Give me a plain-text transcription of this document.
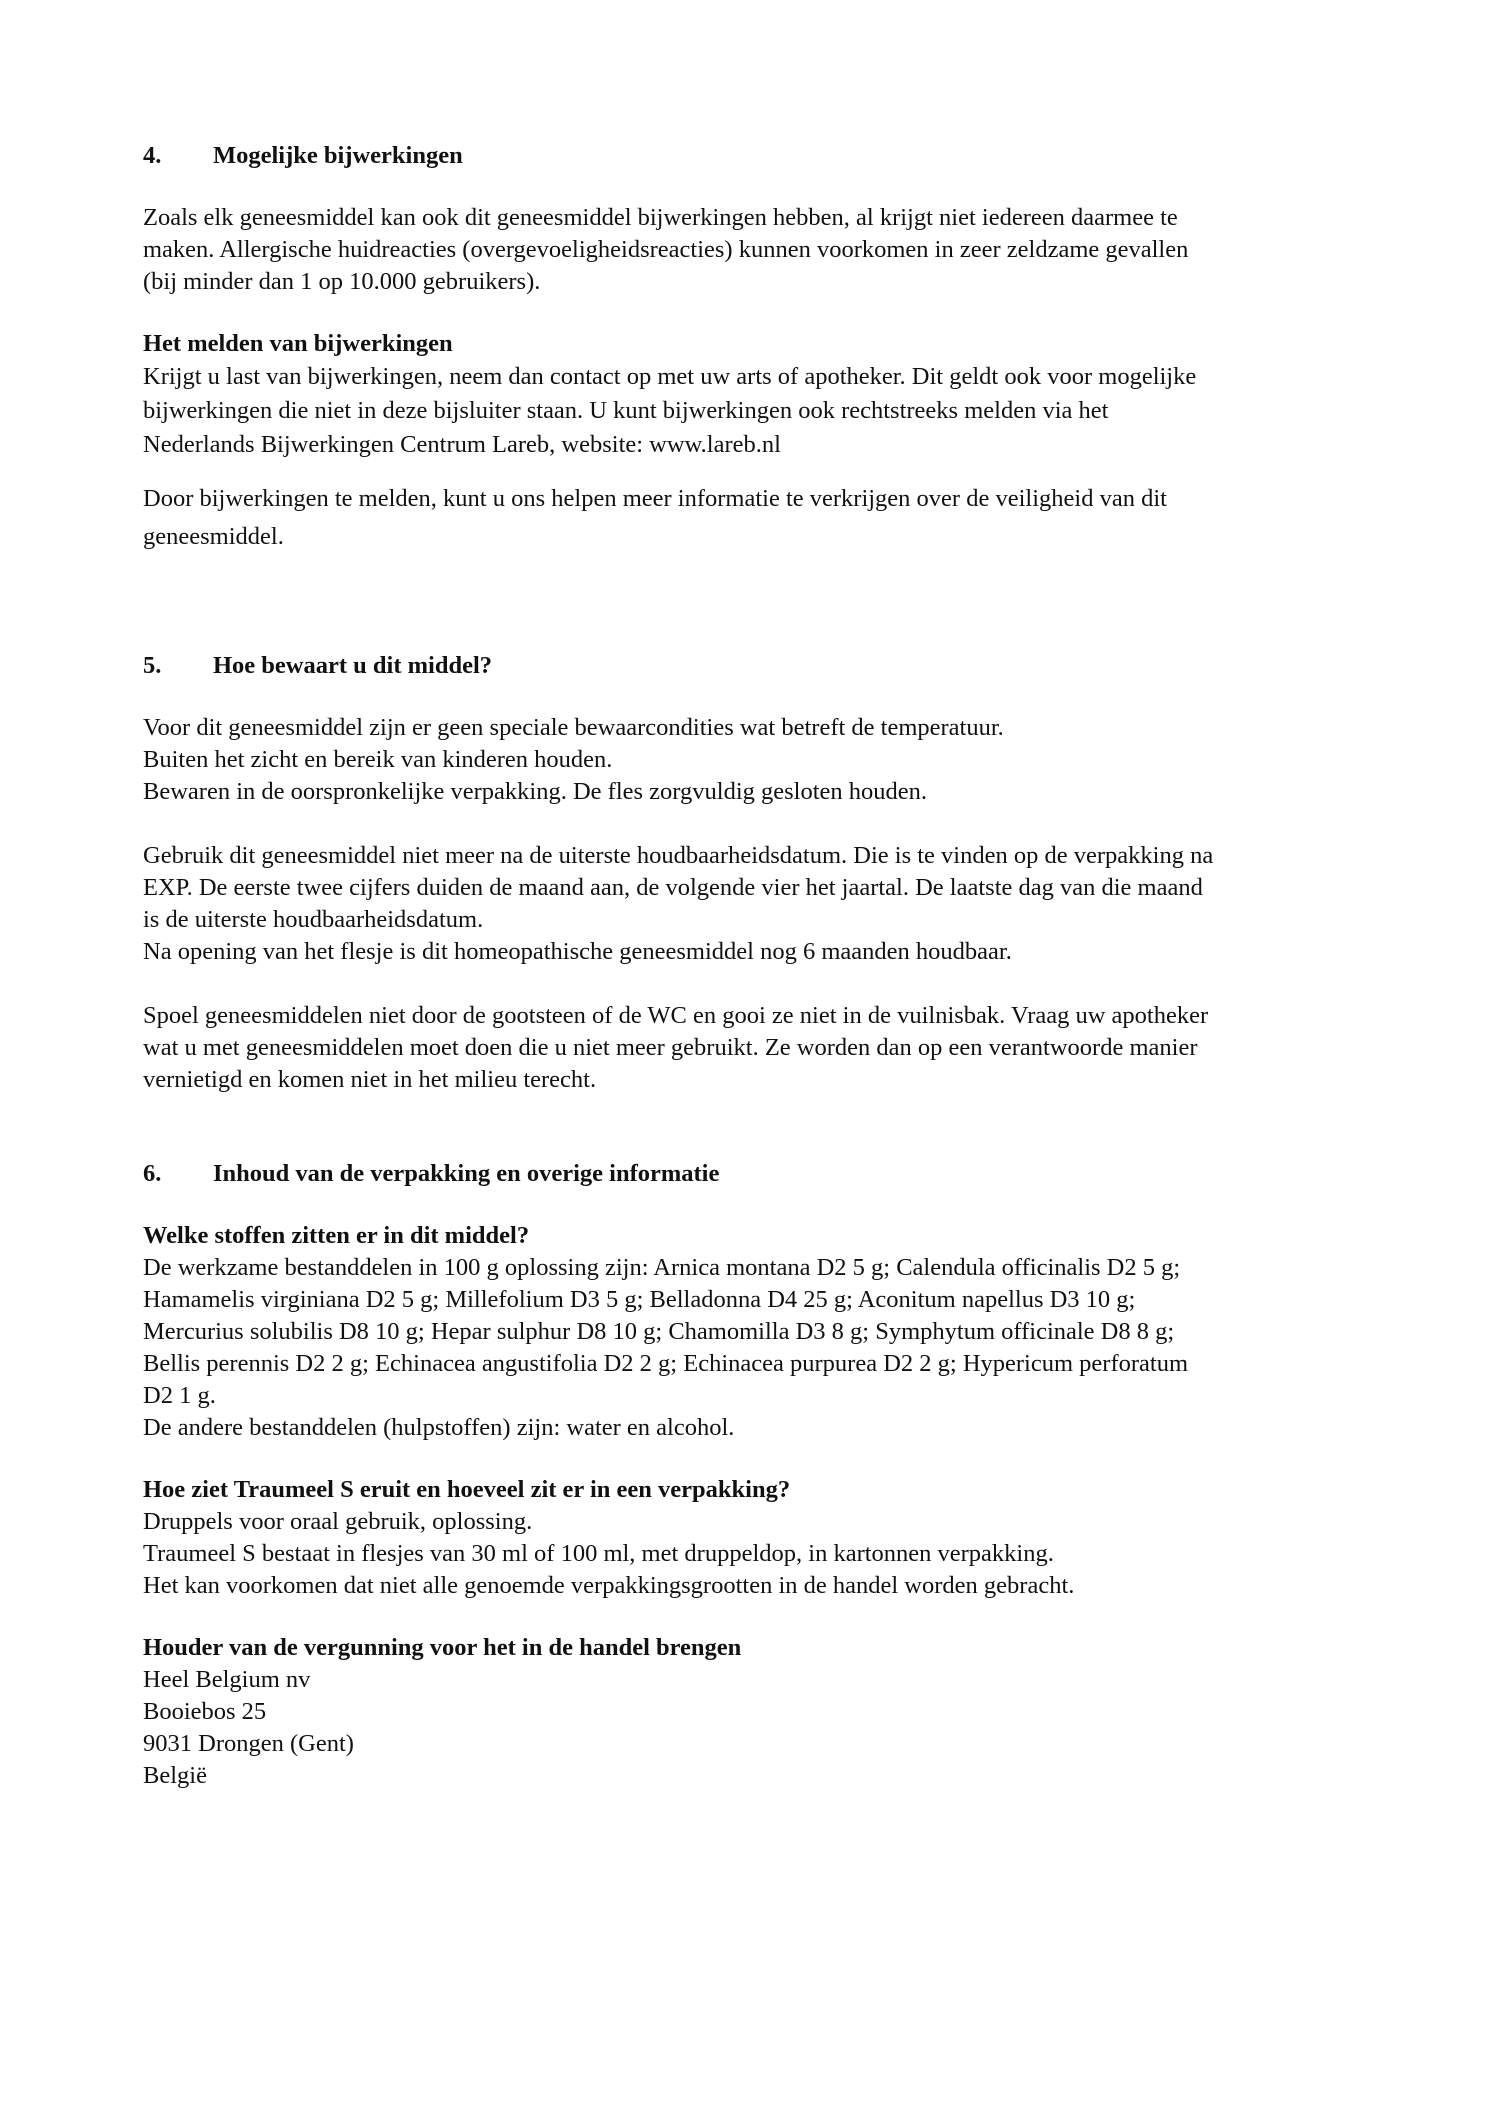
4.	Mogelijke bijwerkingen

Zoals elk geneesmiddel kan ook dit geneesmiddel bijwerkingen hebben, al krijgt niet iedereen daarmee te
maken. Allergische huidreacties (overgevoeligheidsreacties) kunnen voorkomen in zeer zeldzame gevallen
(bij minder dan 1 op 10.000 gebruikers).

Het melden van bijwerkingen

Krijgt u last van bijwerkingen, neem dan contact op met uw arts of apotheker. Dit geldt ook voor mogelijke
bijwerkingen die niet in deze bijsluiter staan. U kunt bijwerkingen ook rechtstreeks melden via het
Nederlands Bijwerkingen Centrum Lareb, website: www.lareb.nl

Door bijwerkingen te melden, kunt u ons helpen meer informatie te verkrijgen over de veiligheid van dit
geneesmiddel.

5.	Hoe bewaart u dit middel?

Voor dit geneesmiddel zijn er geen speciale bewaarcondities wat betreft de temperatuur.
Buiten het zicht en bereik van kinderen houden.
Bewaren in de oorspronkelijke verpakking. De fles zorgvuldig gesloten houden.

Gebruik dit geneesmiddel niet meer na de uiterste houdbaarheidsdatum. Die is te vinden op de verpakking na
EXP. De eerste twee cijfers duiden de maand aan, de volgende vier het jaartal. De laatste dag van die maand
is de uiterste houdbaarheidsdatum.
Na opening van het flesje is dit homeopathische geneesmiddel nog 6 maanden houdbaar.

Spoel geneesmiddelen niet door de gootsteen of de WC en gooi ze niet in de vuilnisbak. Vraag uw apotheker
wat u met geneesmiddelen moet doen die u niet meer gebruikt. Ze worden dan op een verantwoorde manier
vernietigd en komen niet in het milieu terecht.

6.	Inhoud van de verpakking en overige informatie
Welke stoffen zitten er in dit middel?

De werkzame bestanddelen in 100 g oplossing zijn: Arnica montana D2 5 g; Calendula officinalis D2 5 g;
Hamamelis virginiana D2 5 g; Millefolium D3 5 g; Belladonna D4 25 g; Aconitum napellus D3 10 g;
Mercurius solubilis D8 10 g; Hepar sulphur D8 10 g; Chamomilla D3 8 g; Symphytum officinale D8 8 g;
Bellis perennis D2 2 g; Echinacea angustifolia D2 2 g; Echinacea purpurea D2 2 g; Hypericum perforatum
D2 1 g.
De andere bestanddelen (hulpstoffen) zijn: water en alcohol.

Hoe ziet Traumeel S eruit en hoeveel zit er in een verpakking?

Druppels voor oraal gebruik, oplossing.
Traumeel S bestaat in flesjes van 30 ml of 100 ml, met druppeldop, in kartonnen verpakking.
Het kan voorkomen dat niet alle genoemde verpakkingsgrootten in de handel worden gebracht.

Houder van de vergunning voor het in de handel brengen

Heel Belgium nv
Booiebos 25
9031 Drongen (Gent)
België
